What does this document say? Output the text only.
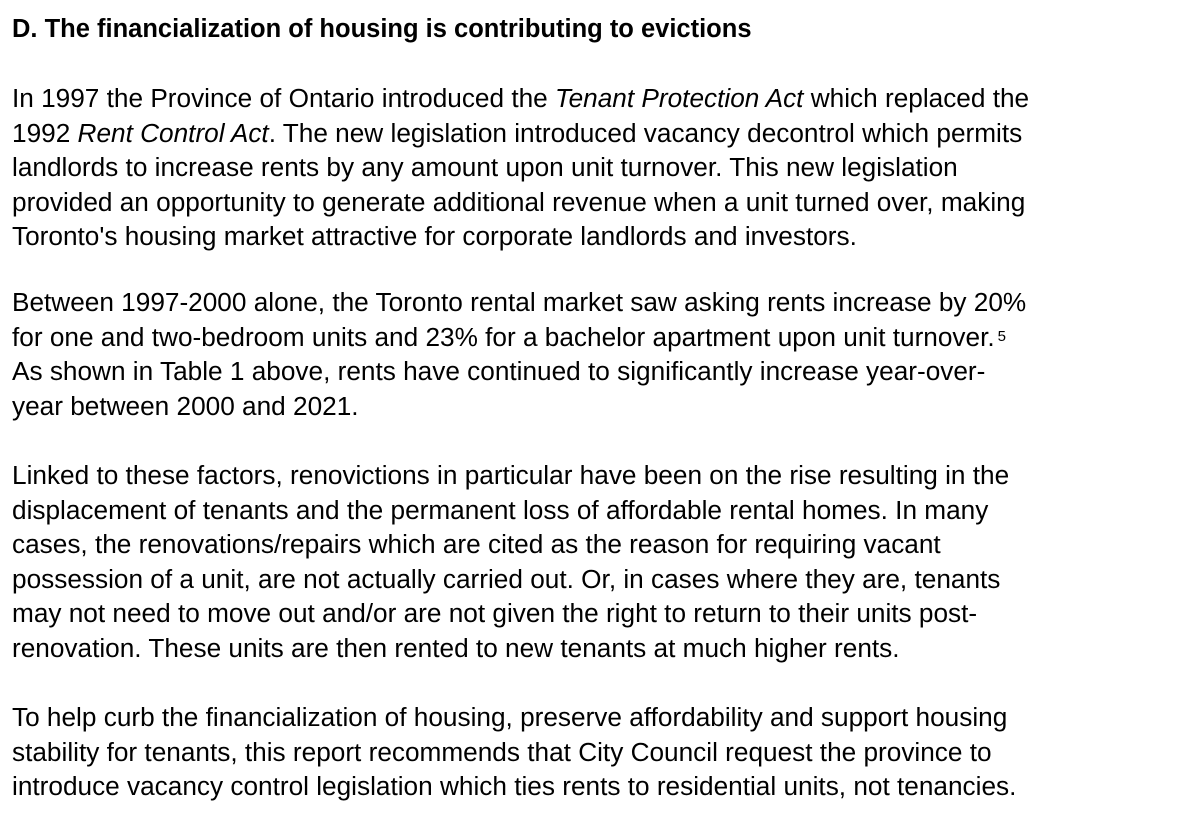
D. The financialization of housing is contributing to evictions
In 1997 the Province of Ontario introduced the Tenant Protection Act which replaced the
1992 Rent Control Act. The new legislation introduced vacancy decontrol which permits
landlords to increase rents by any amount upon unit turnover. This new legislation
provided an opportunity to generate additional revenue when a unit turned over, making
Toronto's housing market attractive for corporate landlords and investors.
Between 1997-2000 alone, the Toronto rental market saw asking rents increase by 20%
for one and two-bedroom units and 23% for a bachelor apartment upon unit turnover. $^5$
As shown in Table 1 above, rents have continued to significantly increase year-over-
year between 2000 and 2021.
Linked to these factors, renovictions in particular have been on the rise resulting in the
displacement of tenants and the permanent loss of affordable rental homes. In many
cases, the renovations/repairs which are cited as the reason for requiring vacant
possession of a unit, are not actually carried out. Or, in cases where they are, tenants
may not need to move out and/or are not given the right to return to their units post-
renovation. These units are then rented to new tenants at much higher rents.
To help curb the financialization of housing, preserve affordability and support housing
stability for tenants, this report recommends that City Council request the province to
introduce vacancy control legislation which ties rents to residential units, not tenancies.
